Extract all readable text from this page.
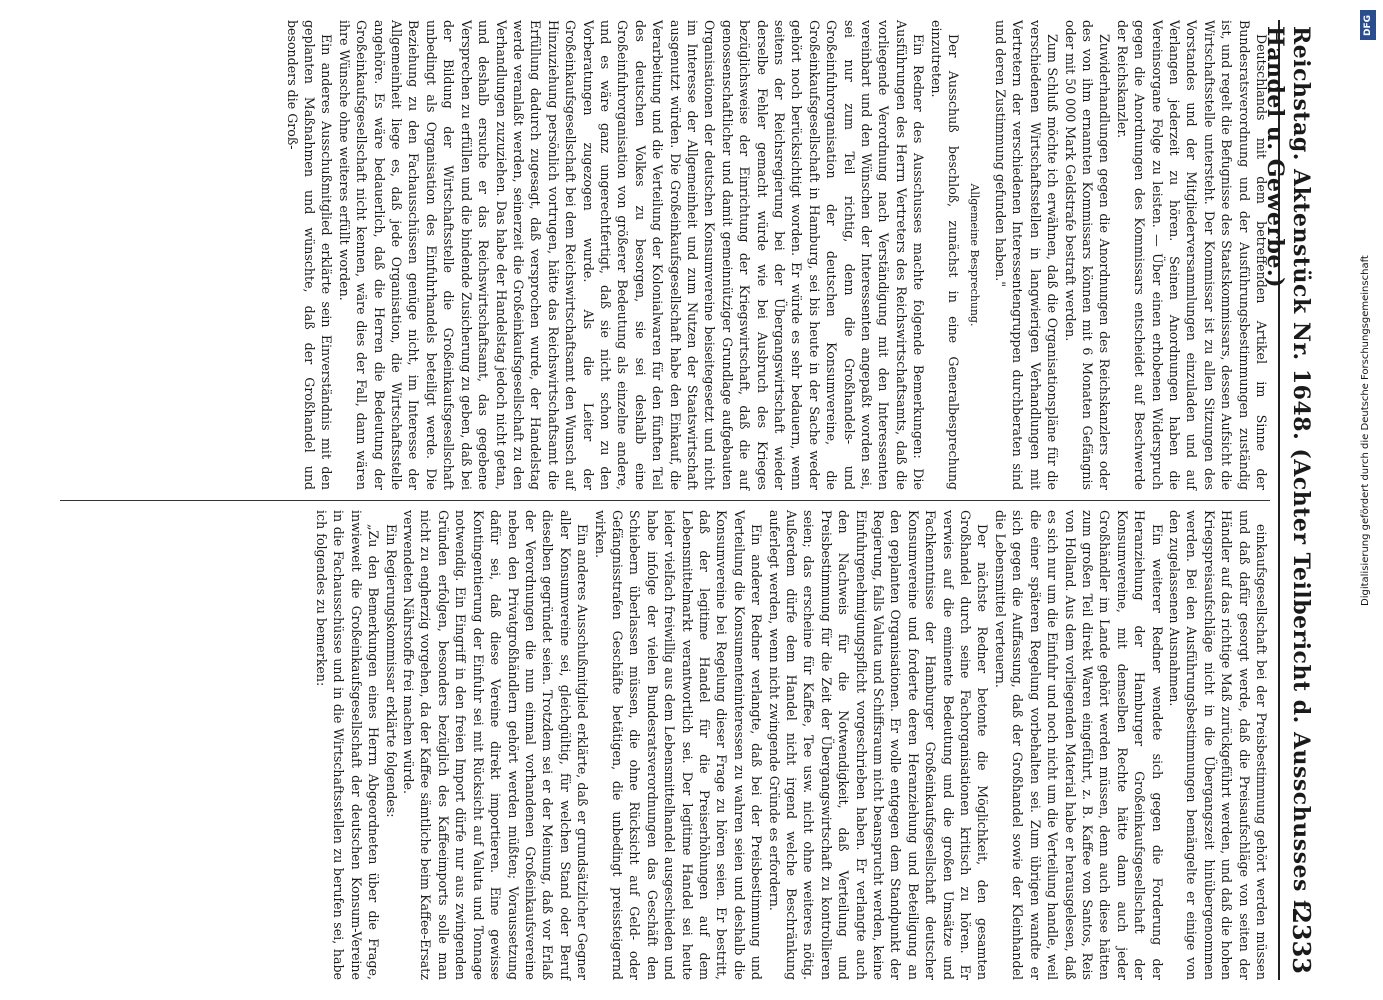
Reichstag. Aktenstück Nr. 1648. (Achter Teilbericht d. Ausschusses f. Handel u. Gewerbe.)
2333

Deutschlands mit dem betreffenden Artikel im Sinne der Bundesratsverordnung und der Ausführungsbestimmungen zuständig ist, und regelt die Befugnisse des Staatskommissars, dessen Aufsicht die Wirtschaftsstelle untersteht. Der Kommissar ist zu allen Sitzungen des Vorstandes und der Mitgliederversammlungen einzuladen und auf Verlangen jederzeit zu hören. Seinen Anordnungen haben die Vereinsorgane Folge zu leisten. — Über einen erhobenen Widerspruch gegen die Anordnungen des Kommissars entscheidet auf Beschwerde der Reichskanzler.

Zuwiderhandlungen gegen die Anordnungen des Reichskanzlers oder des von ihm ernannten Kommissars können mit 6 Monaten Gefängnis oder mit 50 000 Mark Geldstrafe bestraft werden.

Zum Schluß möchte ich erwähnen, daß die Organisationspläne für die verschiedenen Wirtschaftsstellen in langwierigen Verhandlungen mit Vertretern der verschiedenen Interessentengruppen durchberaten sind und deren Zustimmung gefunden haben."

Allgemeine Besprechung.

Der Ausschuß beschloß, zunächst in eine Generalbesprechung einzutreten.

Ein Redner des Ausschusses machte folgende Bemerkungen: Die Ausführungen des Herrn Vertreters des Reichswirtschaftsamts, daß die vorliegende Verordnung nach Verständigung mit den Interessenten vereinbart und den Wünschen der Interessenten angepaßt worden sei, sei nur zum Teil richtig, denn die Großhandels- und Großeinfuhrorganisation der deutschen Konsumvereine, die Großeinkaufsgesellschaft in Hamburg, sei bis heute in der Sache weder gehört noch berücksichtigt worden. Er würde es sehr bedauern, wenn seitens der Reichsregierung bei der Übergangswirtschaft wieder derselbe Fehler gemacht würde wie bei Ausbruch des Krieges bezüglichsweise der Einrichtung der Kriegswirtschaft, daß die auf genossenschaftlicher und damit gemeinnütziger Grundlage aufgebauten Organisationen der deutschen Konsumvereine beiseitegesetzt und nicht im Interesse der Allgemeinheit und zum Nutzen der Staatswirtschaft ausgenutzt würden. Die Großeinkaufsgesellschaft habe den Einkauf, die Verarbeitung und die Verteilung der Kolonialwaren für den fünften Teil des deutschen Volkes zu besorgen, sie sei deshalb eine Großeinfuhrorganisation von größerer Bedeutung als einzelne andere, und es wäre ganz ungerechtfertigt, daß sie nicht schon zu den Vorberatungen zugezogen wurde. Als die Leiter der Großeinkaufsgesellschaft bei dem Reichswirtschaftsamt den Wunsch auf Hinzuziehung persönlich vortrugen, hätte das Reichswirtschaftsamt die Erfüllung dadurch zugesagt, daß versprochen wurde, der Handelstag werde veranlaßt werden, seinerzeit die Großeinkaufsgesellschaft zu den Verhandlungen zuzuziehen. Das habe der Handelstag jedoch nicht getan, und deshalb ersuche er das Reichswirtschaftsamt, das gegebene Versprechen zu erfüllen und die bindende Zusicherung zu geben, daß bei der Bildung der Wirtschaftsstelle die Großeinkaufsgesellschaft unbedingt als Organisation des Einfuhrhandels beteiligt werde. Die Beziehung zu den Fachausschüssen genüge nicht, im Interesse der Allgemeinheit liege es, daß jede Organisation, die Wirtschaftsstelle angehöre. Es wäre bedauerlich, daß die Herren die Bedeutung der Großeinkaufsgesellschaft nicht kennen, wäre dies der Fall, dann wären ihre Wünsche ohne weiteres erfüllt worden.

Ein anderes Ausschußmitglied erklärte sein Einverständnis mit den geplanten Maßnahmen und wünschte, daß der Großhandel und besonders die Groß-

einkaufsgesellschaft bei der Preisbestimmung gehört werden müssen und daß dafür gesorgt werde, daß die Preisaufschläge von seiten der Händler auf das richtige Maß zurückgeführt werden, und daß die hohen Kriegspreisaufschläge nicht in die Übergangszeit hinübergenommen werden. Bei den Ausführungsbestimmungen bemängelte er einige von den zugelassenen Ausnahmen.

Ein weiterer Redner wendete sich gegen die Forderung der Heranziehung der Hamburger Großeinkaufsgesellschaft der Konsumvereine, mit demselben Rechte hätte dann auch jeder Großhändler im Lande gehört werden müssen, denn auch diese hätten zum großen Teil direkt Waren eingeführt, z. B. Kaffee von Santos, Reis von Holland. Aus dem vorliegenden Material habe er herausgelesen, daß es sich nur um die Einfuhr und noch nicht um die Verteilung handle, weil die einer späteren Regelung vorbehalten sei. Zum übrigen wandte er sich gegen die Auffassung, daß der Großhandel sowie der Kleinhandel die Lebensmittel verteuern.

Der nächste Redner betonte die Möglichkeit, den gesamten Großhandel durch seine Fachorganisationen kritisch zu hören. Er verwies auf die eminente Bedeutung und die großen Umsätze und Fachkenntnisse der Hamburger Großeinkaufsgesellschaft deutscher Konsumvereine und forderte deren Heranziehung und Beteiligung an den geplanten Organisationen. Er wolle entgegen dem Standpunkt der Regierung, falls Valuta und Schiffsraum nicht beansprucht werden, keine Einfuhrgenehmigungspflicht vorgeschrieben haben. Er verlangte auch den Nachweis für die Notwendigkeit, daß Verteilung und Preisbestimmung für die Zeit der Übergangswirtschaft zu kontrollieren seien; das erscheine für Kaffee, Tee usw. nicht ohne weiteres nötig. Außerdem dürfe dem Handel nicht irgend welche Beschränkung auferlegt werden, wenn nicht zwingende Gründe es erfordern.

Ein anderer Redner verlangte, daß bei der Preisbestimmung und Verteilung die Konsumenteninteressen zu wahren seien und deshalb die Konsumvereine bei Regelung dieser Frage zu hören seien. Er bestritt, daß der legitime Handel für die Preiserhöhungen auf dem Lebensmittelmarkt verantwortlich sei. Der legitime Handel sei heute leider vielfach freiwillig aus dem Lebensmittelhandel ausgeschieden und habe infolge der vielen Bundesratsverordnungen das Geschäft den Schiebern überlassen müssen, die ohne Rücksicht auf Geld- oder Gefängnisstrafen Geschäfte betätigen, die unbedingt preissteigernd wirken.

Ein anderes Ausschußmitglied erklärte, daß er grundsätzlicher Gegner aller Konsumvereine sei, gleichgültig, für welchen Stand oder Beruf dieselben gegründet seien. Trotzdem sei er der Meinung, daß vor Erlaß der Verordnungen die nun einmal vorhandenen Großeinkaufsvereine neben den Privatgroßhändlern gehört werden müßten; Voraussetzung dafür sei, daß diese Vereine direkt importieren. Eine gewisse Kontingentierung der Einfuhr sei mit Rücksicht auf Valuta und Tonnage notwendig. Ein Eingriff in den freien Import dürfe nur aus zwingenden Gründen erfolgen, besonders bezüglich des Kaffeeimports solle man nicht zu engherzig vorgehen, da der Kaffee sämtliche beim Kaffee-Ersatz verwendeten Nährstoffe frei machen würde.

Ein Regierungskommissar erklärte folgendes:

„Zu den Bemerkungen eines Herrn Abgeordneten über die Frage, inwieweit die Großeinkaufsgesellschaft der deutschen Konsum-Vereine in die Fachausschüsse und in die Wirtschaftsstellen zu berufen sei, habe ich folgendes zu bemerken:

DFG
Digitalisierung gefördert durch die Deutsche Forschungsgemeinschaft
